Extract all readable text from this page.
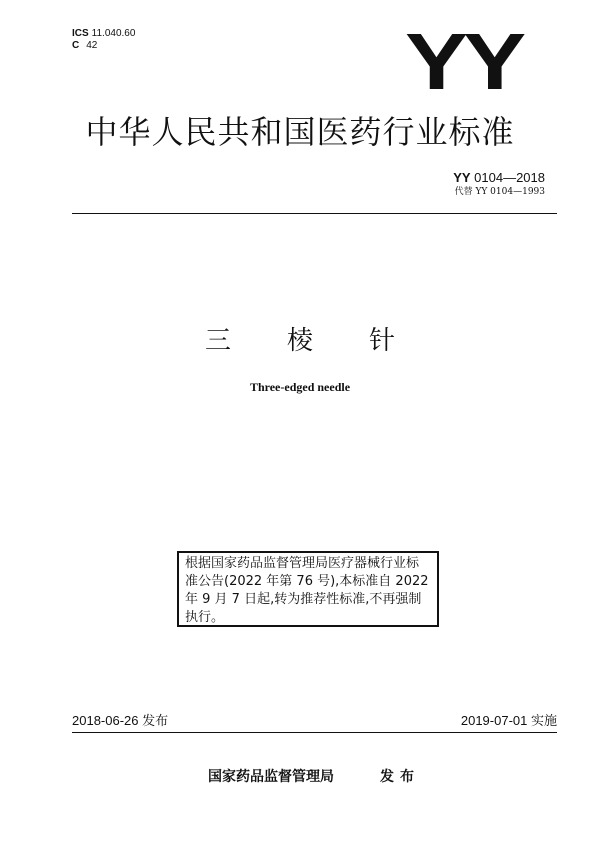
ICS 11.040.60
C 42	YY
中华人民共和国医药行业标准
YY 0104—2018
代替 YY 0104—1993
三 棱 针
Three-edged needle
根据国家药品监督管理局医疗器械行业标准公告(2022 年第 76 号),本标准自 2022 年 9 月 7 日起,转为推荐性标准,不再强制执行。
2018-06-26 发布	2019-07-01 实施
国家药品监督管理局	发布
